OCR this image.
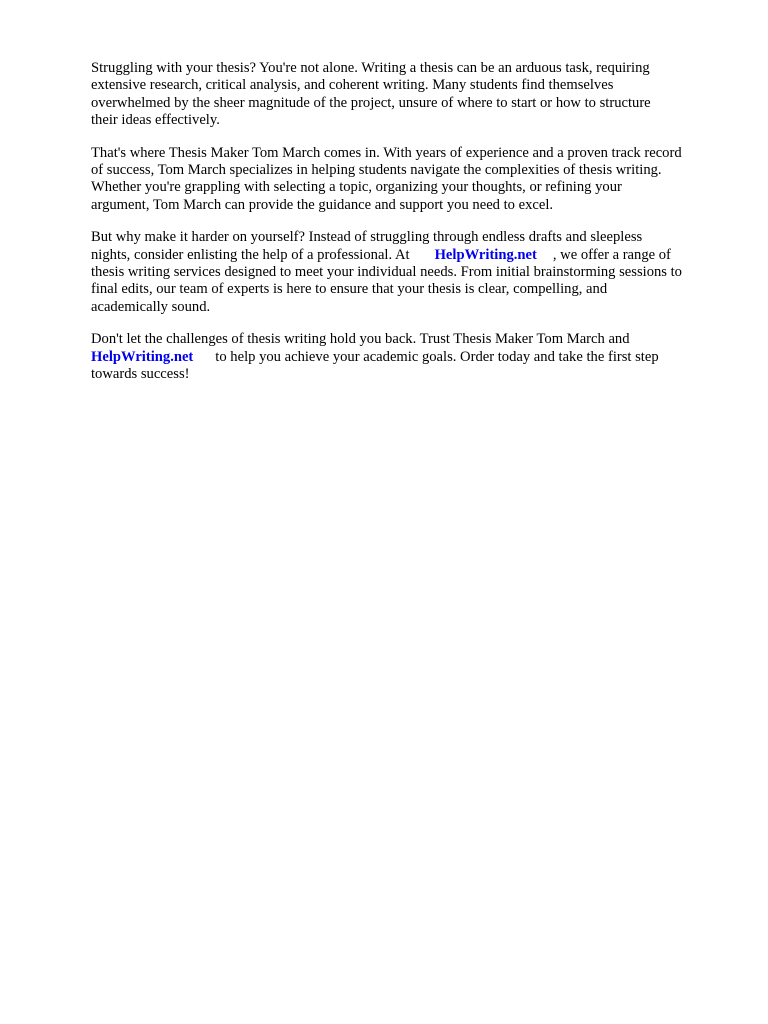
Struggling with your thesis? You're not alone. Writing a thesis can be an arduous task, requiring
extensive research, critical analysis, and coherent writing. Many students find themselves
overwhelmed by the sheer magnitude of the project, unsure of where to start or how to structure
their ideas effectively.

That's where Thesis Maker Tom March comes in. With years of experience and a proven track record
of success, Tom March specializes in helping students navigate the complexities of thesis writing.
Whether you're grappling with selecting a topic, organizing your thoughts, or refining your
argument, Tom March can provide the guidance and support you need to excel.

But why make it harder on yourself? Instead of struggling through endless drafts and sleepless
nights, consider enlisting the help of a professional. At HelpWriting.net , we offer a range of
thesis writing services designed to meet your individual needs. From initial brainstorming sessions to
final edits, our team of experts is here to ensure that your thesis is clear, compelling, and
academically sound.

Don't let the challenges of thesis writing hold you back. Trust Thesis Maker Tom March and
HelpWriting.net to help you achieve your academic goals. Order today and take the first step
towards success!
